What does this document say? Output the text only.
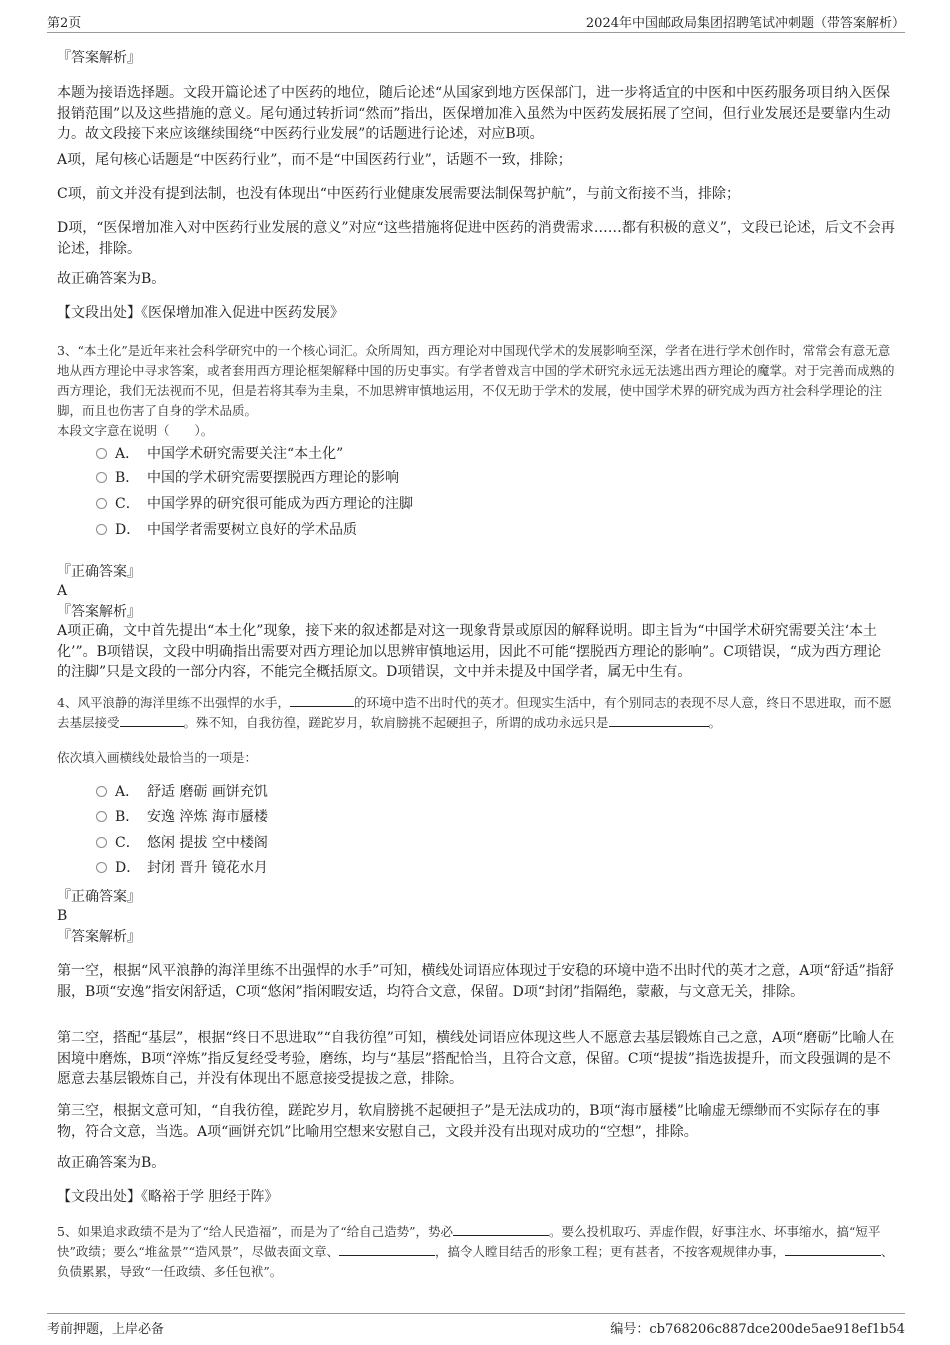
第2页	2024年中国邮政局集团招聘笔试冲刺题（带答案解析）
『答案解析』

本题为接语选择题。文段开篇论述了中医药的地位，随后论述“从国家到地方医保部门，进一步将适宜的中医和中医药服务项目纳入医保报销范围”以及这些措施的意义。尾句通过转折词“然而”指出，医保增加准入虽然为中医药发展拓展了空间，但行业发展还是要靠内生动力。故文段接下来应该继续围绕“中医药行业发展”的话题进行论述，对应B项。

A项，尾句核心话题是“中医药行业”，而不是“中国医药行业”，话题不一致，排除；

C项，前文并没有提到法制，也没有体现出“中医药行业健康发展需要法制保驾护航”，与前文衔接不当，排除；

D项，“医保增加准入对中医药行业发展的意义”对应“这些措施将促进中医药的消费需求……都有积极的意义”，文段已论述，后文不会再论述，排除。

故正确答案为B。

【文段出处】《医保增加准入促进中医药发展》

3、“本土化”是近年来社会科学研究中的一个核心词汇。众所周知，西方理论对中国现代学术的发展影响至深，学者在进行学术创作时，常常会有意无意地从西方理论中寻求答案，或者套用西方理论框架解释中国的历史事实。有学者曾戏言中国的学术研究永远无法逃出西方理论的魔掌。对于完善而成熟的西方理论，我们无法视而不见，但是若将其奉为圭臬，不加思辨审慎地运用，不仅无助于学术的发展，使中国学术界的研究成为西方社会科学理论的注脚，而且也伤害了自身的学术品质。

本段文字意在说明（　　）。

A． 中国学术研究需要关注“本土化”
B． 中国的学术研究需要摆脱西方理论的影响
C． 中国学界的研究很可能成为西方理论的注脚
D． 中国学者需要树立良好的学术品质
『正确答案』
A
『答案解析』

A项正确，文中首先提出“本土化”现象，接下来的叙述都是对这一现象背景或原因的解释说明。即主旨为“中国学术研究需要关注‘本土化’”。B项错误，文段中明确指出需要对西方理论加以思辨审慎地运用，因此不可能“摆脱西方理论的影响”。C项错误，“成为西方理论的注脚”只是文段的一部分内容，不能完全概括原文。D项错误，文中并未提及中国学者，属无中生有。

4、风平浪静的海洋里练不出强悍的水手，	的环境中造不出时代的英才。但现实生活中，有个别同志的表现不尽人意，终日不思进取，而不愿去基层接受	。殊不知，自我彷徨，蹉跎岁月，软肩膀挑不起硬担子，所谓的成功永远只是	。

依次填入画横线处最恰当的一项是：

A． 舒适 磨砺 画饼充饥
B． 安逸 淬炼 海市蜃楼
C． 悠闲 提拔 空中楼阁
D． 封闭 晋升 镜花水月
『正确答案』
B
『答案解析』

第一空，根据“风平浪静的海洋里练不出强悍的水手”可知，横线处词语应体现过于安稳的环境中造不出时代的英才之意，A项“舒适”指舒服，B项“安逸”指安闲舒适，C项“悠闲”指闲暇安适，均符合文意，保留。D项“封闭”指隔绝，蒙蔽，与文意无关，排除。

第二空，搭配“基层”，根据“终日不思进取”“自我彷徨”可知，横线处词语应体现这些人不愿意去基层锻炼自己之意，A项“磨砺”比喻人在困境中磨炼，B项“淬炼”指反复经受考验，磨练，均与“基层”搭配恰当，且符合文意，保留。C项“提拔”指选拔提升，而文段强调的是不愿意去基层锻炼自己，并没有体现出不愿意接受提拔之意，排除。

第三空，根据文意可知，“自我彷徨，蹉跎岁月，软肩膀挑不起硬担子”是无法成功的，B项“海市蜃楼”比喻虚无缥缈而不实际存在的事物，符合文意，当选。A项“画饼充饥”比喻用空想来安慰自己，文段并没有出现对成功的“空想”，排除。

故正确答案为B。

【文段出处】《略裕于学 胆经于阵》

5、如果追求政绩不是为了“给人民造福”，而是为了“给自己造势”，势必	。要么投机取巧、弄虚作假，好事注水、坏事缩水，搞“短平快”政绩；要么“堆盆景”“造风景”，尽做表面文章、	，搞令人瞠目结舌的形象工程；更有甚者，不按客观规律办事，	、负债累累，导致“一任政绩、多任包袱”。

考前押题，上岸必备	编号：cb768206c887dce200de5ae918ef1b54
